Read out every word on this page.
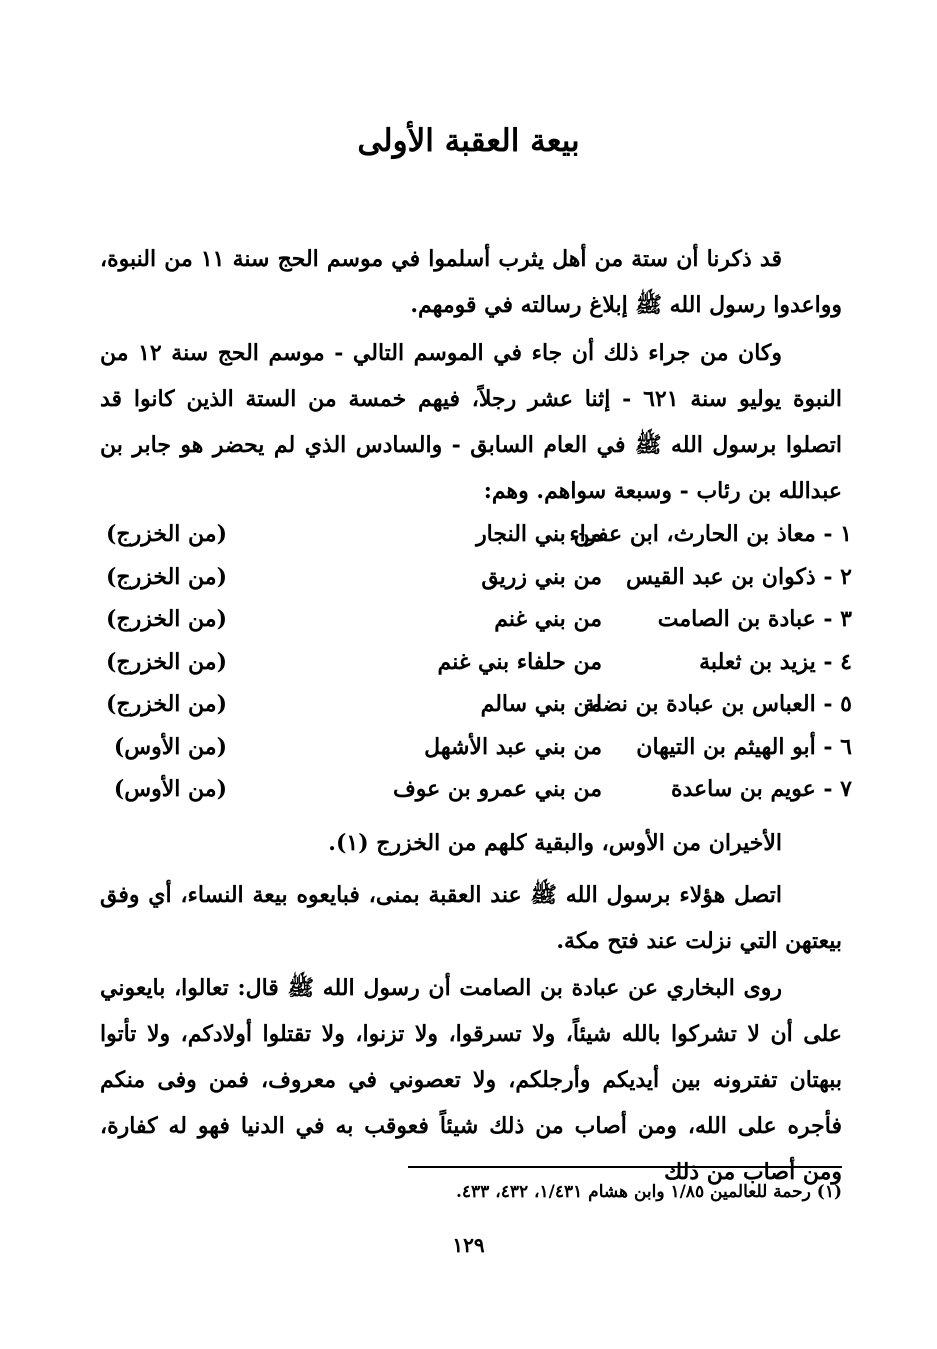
بيعة العقبة الأولى

قد ذكرنا أن ستة من أهل يثرب أسلموا في موسم الحج سنة ١١ من النبوة، وواعدوا رسول الله ﷺ إبلاغ رسالته في قومهم.

وكان من جراء ذلك أن جاء في الموسم التالي - موسم الحج سنة ١٢ من النبوة يوليو سنة ٦٢١ - إثنا عشر رجلاً، فيهم خمسة من الستة الذين كانوا قد اتصلوا برسول الله ﷺ في العام السابق - والسادس الذي لم يحضر هو جابر بن عبدالله بن رئاب - وسبعة سواهم. وهم:

١ - معاذ بن الحارث، ابن عفراء
من بني النجار
(من الخزرج)
٢ - ذكوان بن عبد القيس
من بني زريق
(من الخزرج)
٣ - عبادة بن الصامت
من بني غنم
(من الخزرج)
٤ - يزيد بن ثعلبة
من حلفاء بني غنم
(من الخزرج)
٥ - العباس بن عبادة بن نضلة
من بني سالم
(من الخزرج)
٦ - أبو الهيثم بن التيهان
من بني عبد الأشهل
(من الأوس)
٧ - عويم بن ساعدة
من بني عمرو بن عوف
(من الأوس)

الأخيران من الأوس، والبقية كلهم من الخزرج (١).

اتصل هؤلاء برسول الله ﷺ عند العقبة بمنى، فبايعوه بيعة النساء، أي وفق بيعتهن التي نزلت عند فتح مكة.

روى البخاري عن عبادة بن الصامت أن رسول الله ﷺ قال: تعالوا، بايعوني على أن لا تشركوا بالله شيئاً، ولا تسرقوا، ولا تزنوا، ولا تقتلوا أولادكم، ولا تأتوا ببهتان تفترونه بين أيديكم وأرجلكم، ولا تعصوني في معروف، فمن وفى منكم فأجره على الله، ومن أصاب من ذلك شيئاً فعوقب به في الدنيا فهو له كفارة، ومن أصاب من ذلك

(١) رحمة للعالمين ١/٨٥ وابن هشام ١/٤٣١، ٤٣٢، ٤٣٣.
١٢٩
